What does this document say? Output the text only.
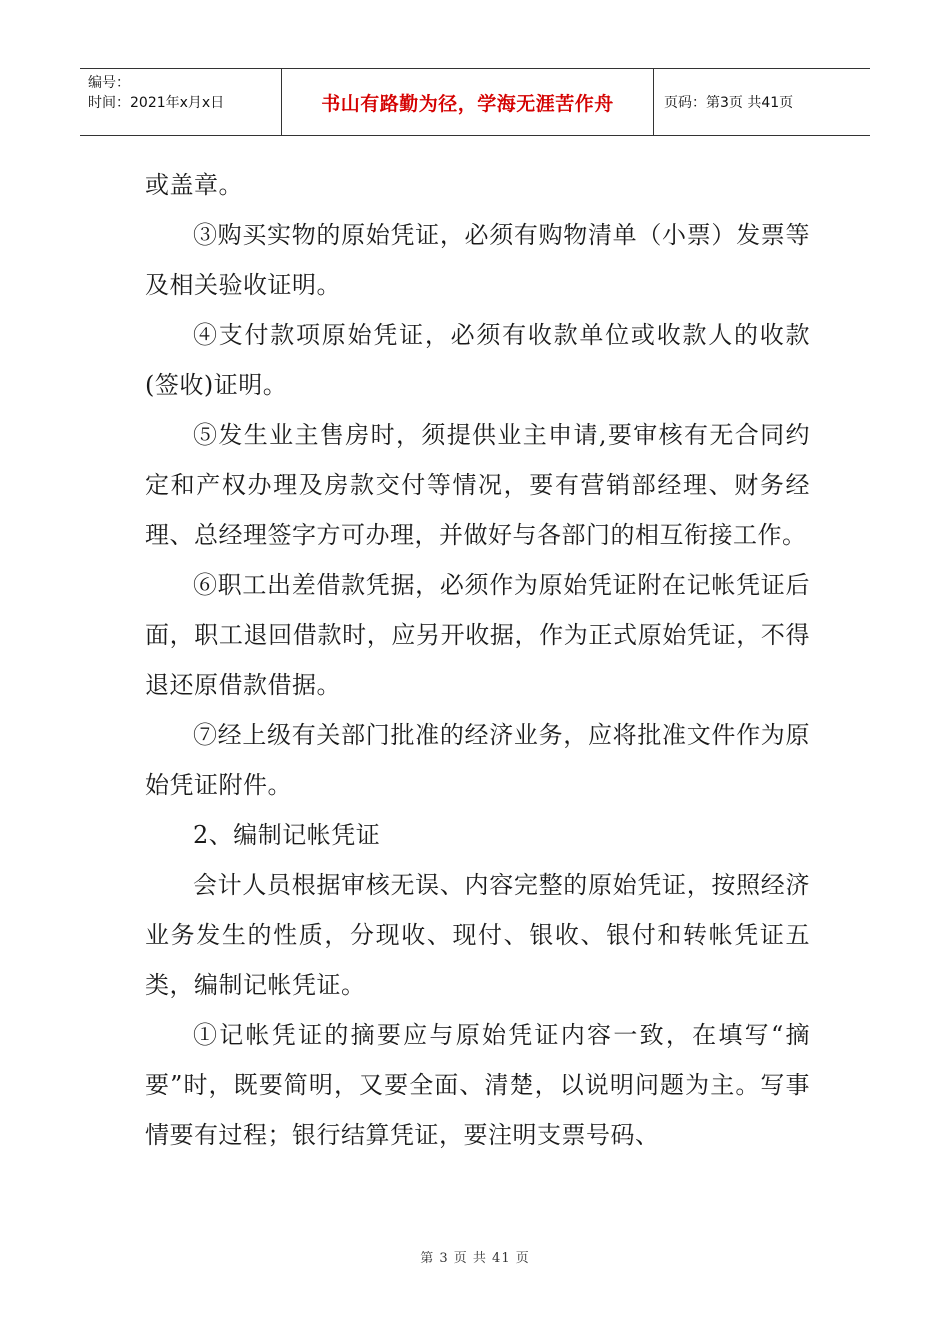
编号：
时间：2021年x月x日	书山有路勤为径，学海无涯苦作舟	页码：第3页 共41页

或盖章。

③购买实物的原始凭证，必须有购物清单（小票）发票等及相关验收证明。

④支付款项原始凭证，必须有收款单位或收款人的收款(签收)证明。

⑤发生业主售房时，须提供业主申请,要审核有无合同约定和产权办理及房款交付等情况，要有营销部经理、财务经理、总经理签字方可办理，并做好与各部门的相互衔接工作。

⑥职工出差借款凭据，必须作为原始凭证附在记帐凭证后面，职工退回借款时，应另开收据，作为正式原始凭证，不得退还原借款借据。

⑦经上级有关部门批准的经济业务，应将批准文件作为原始凭证附件。

2、编制记帐凭证

会计人员根据审核无误、内容完整的原始凭证，按照经济业务发生的性质，分现收、现付、银收、银付和转帐凭证五类，编制记帐凭证。

①记帐凭证的摘要应与原始凭证内容一致，在填写“摘要”时，既要简明，又要全面、清楚，以说明问题为主。写事情要有过程；银行结算凭证，要注明支票号码、

第 3 页 共 41 页
